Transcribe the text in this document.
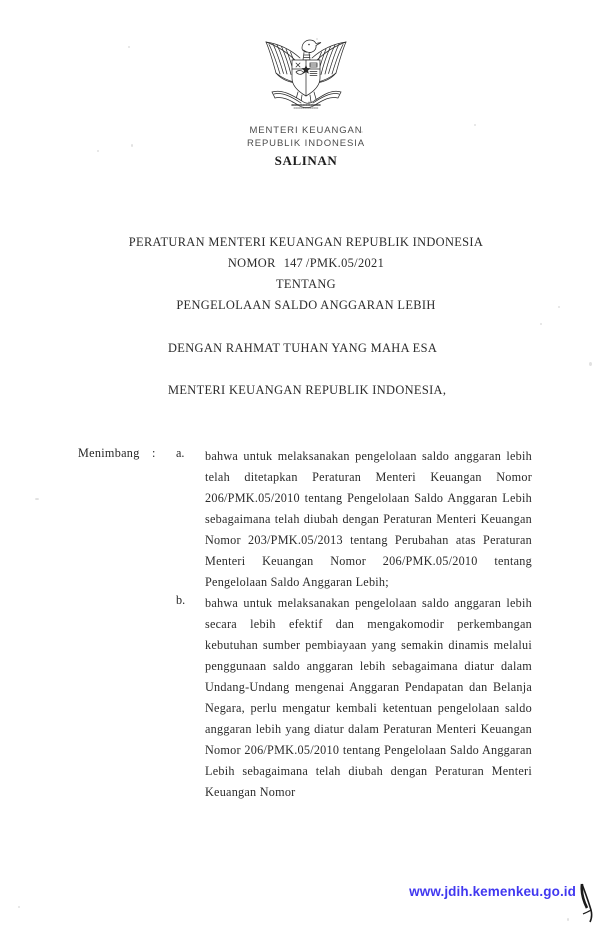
MENTERI KEUANGAN
REPUBLIK INDONESIA
SALINAN
PERATURAN MENTERI KEUANGAN REPUBLIK INDONESIA
NOMOR 147 /PMK.05/2021
TENTANG
PENGELOLAAN SALDO ANGGARAN LEBIH
DENGAN RAHMAT TUHAN YANG MAHA ESA
MENTERI KEUANGAN REPUBLIK INDONESIA,
Menimbang : a. bahwa untuk melaksanakan pengelolaan saldo anggaran lebih telah ditetapkan Peraturan Menteri Keuangan Nomor 206/PMK.05/2010 tentang Pengelolaan Saldo Anggaran Lebih sebagaimana telah diubah dengan Peraturan Menteri Keuangan Nomor 203/PMK.05/2013 tentang Perubahan atas Peraturan Menteri Keuangan Nomor 206/PMK.05/2010 tentang Pengelolaan Saldo Anggaran Lebih;
b. bahwa untuk melaksanakan pengelolaan saldo anggaran lebih secara lebih efektif dan mengakomodir perkembangan kebutuhan sumber pembiayaan yang semakin dinamis melalui penggunaan saldo anggaran lebih sebagaimana diatur dalam Undang-Undang mengenai Anggaran Pendapatan dan Belanja Negara, perlu mengatur kembali ketentuan pengelolaan saldo anggaran lebih yang diatur dalam Peraturan Menteri Keuangan Nomor 206/PMK.05/2010 tentang Pengelolaan Saldo Anggaran Lebih sebagaimana telah diubah dengan Peraturan Menteri Keuangan Nomor
www.jdih.kemenkeu.go.id
